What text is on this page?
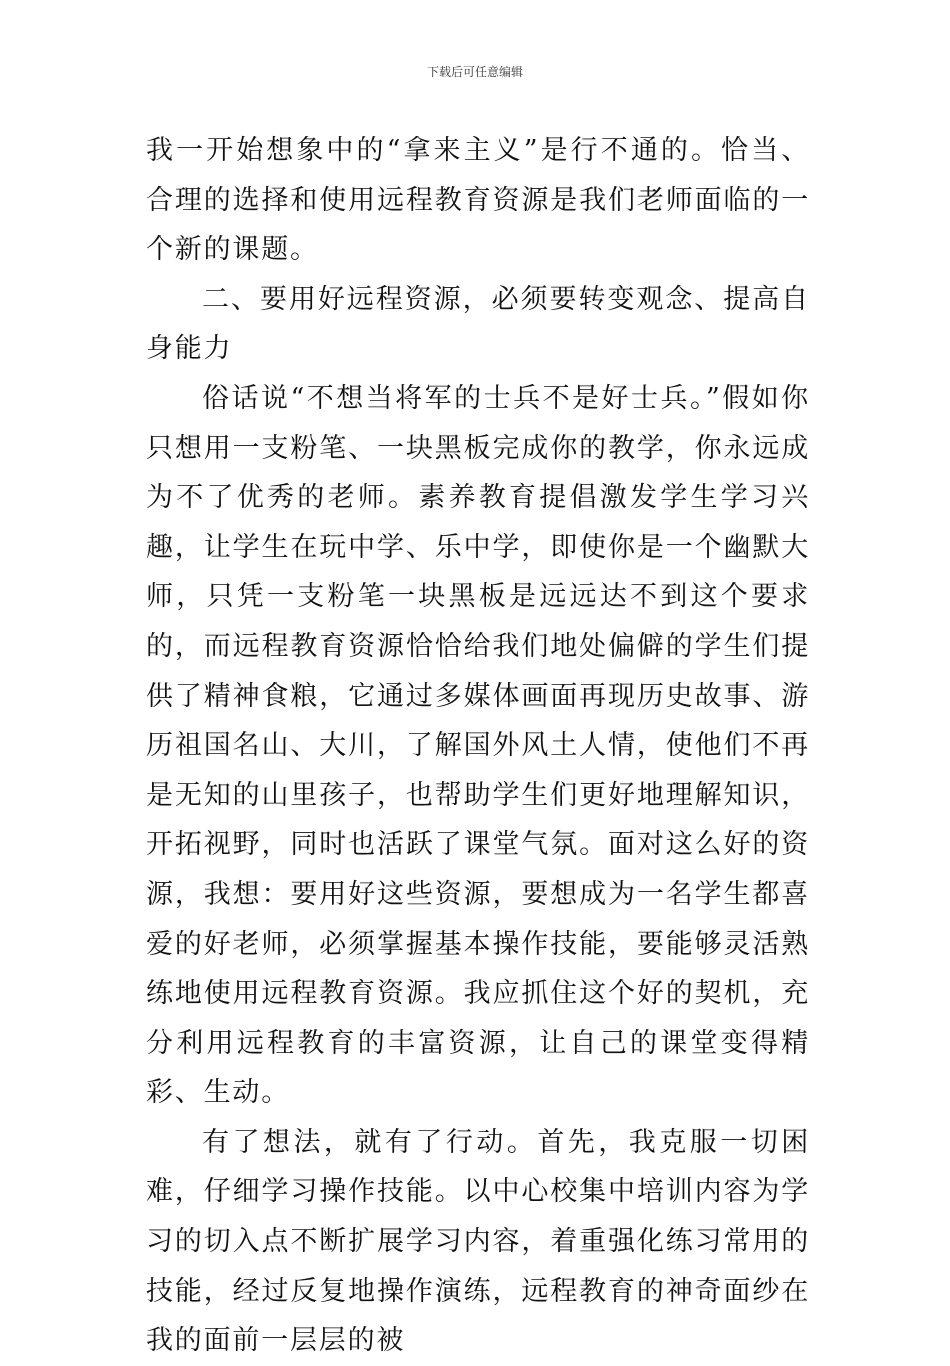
下载后可任意编辑

我一开始想象中的“拿来主义”是行不通的。恰当、合理的选择和使用远程教育资源是我们老师面临的一个新的课题。

二、要用好远程资源，必须要转变观念、提高自身能力

俗话说“不想当将军的士兵不是好士兵。”假如你只想用一支粉笔、一块黑板完成你的教学，你永远成为不了优秀的老师。素养教育提倡激发学生学习兴趣，让学生在玩中学、乐中学，即使你是一个幽默大师，只凭一支粉笔一块黑板是远远达不到这个要求的，而远程教育资源恰恰给我们地处偏僻的学生们提供了精神食粮，它通过多媒体画面再现历史故事、游历祖国名山、大川，了解国外风土人情，使他们不再是无知的山里孩子，也帮助学生们更好地理解知识，开拓视野，同时也活跃了课堂气氛。面对这么好的资源，我想：要用好这些资源，要想成为一名学生都喜爱的好老师，必须掌握基本操作技能，要能够灵活熟练地使用远程教育资源。我应抓住这个好的契机，充分利用远程教育的丰富资源，让自己的课堂变得精彩、生动。

有了想法，就有了行动。首先，我克服一切困难，仔细学习操作技能。以中心校集中培训内容为学习的切入点不断扩展学习内容，着重强化练习常用的技能，经过反复地操作演练，远程教育的神奇面纱在我的面前一层层的被
